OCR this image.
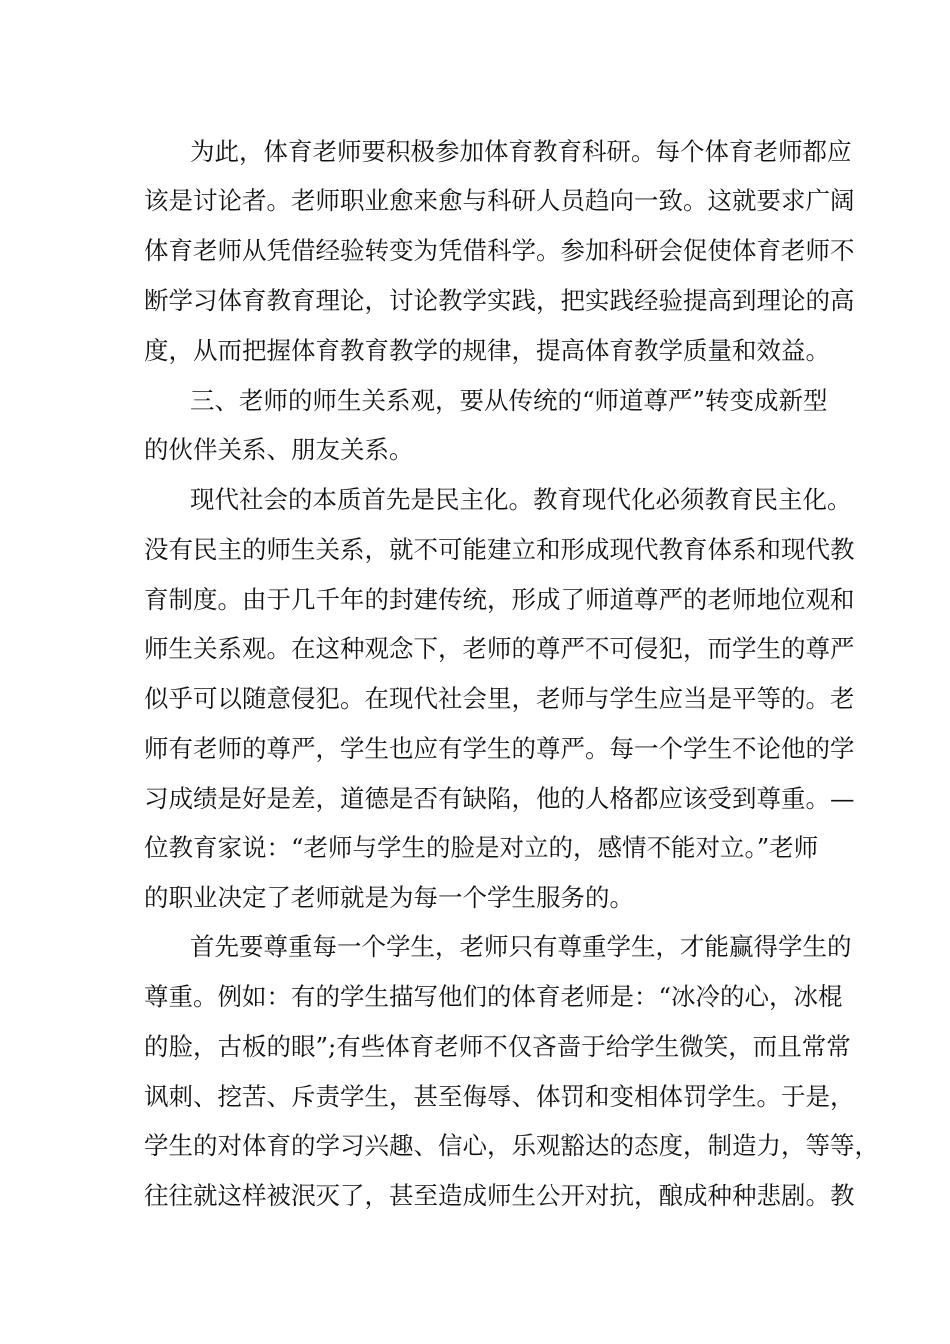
为此，体育老师要积极参加体育教育科研。每个体育老师都应
该是讨论者。老师职业愈来愈与科研人员趋向一致。这就要求广阔
体育老师从凭借经验转变为凭借科学。参加科研会促使体育老师不
断学习体育教育理论，讨论教学实践，把实践经验提高到理论的高
度，从而把握体育教育教学的规律，提高体育教学质量和效益。
三、老师的师生关系观，要从传统的“师道尊严”转变成新型
的伙伴关系、朋友关系。
现代社会的本质首先是民主化。教育现代化必须教育民主化。
没有民主的师生关系，就不可能建立和形成现代教育体系和现代教
育制度。由于几千年的封建传统，形成了师道尊严的老师地位观和
师生关系观。在这种观念下，老师的尊严不可侵犯，而学生的尊严
似乎可以随意侵犯。在现代社会里，老师与学生应当是平等的。老
师有老师的尊严，学生也应有学生的尊严。每一个学生不论他的学
习成绩是好是差，道德是否有缺陷，他的人格都应该受到尊重。—
位教育家说：“老师与学生的脸是对立的，感情不能对立。”老师
的职业决定了老师就是为每一个学生服务的。
首先要尊重每一个学生，老师只有尊重学生，才能赢得学生的
尊重。例如：有的学生描写他们的体育老师是：“冰冷的心，冰棍
的脸，古板的眼”;有些体育老师不仅吝啬于给学生微笑，而且常常
讽刺、挖苦、斥责学生，甚至侮辱、体罚和变相体罚学生。于是，
学生的对体育的学习兴趣、信心，乐观豁达的态度，制造力，等等，
往往就这样被泯灭了，甚至造成师生公开对抗，酿成种种悲剧。教
